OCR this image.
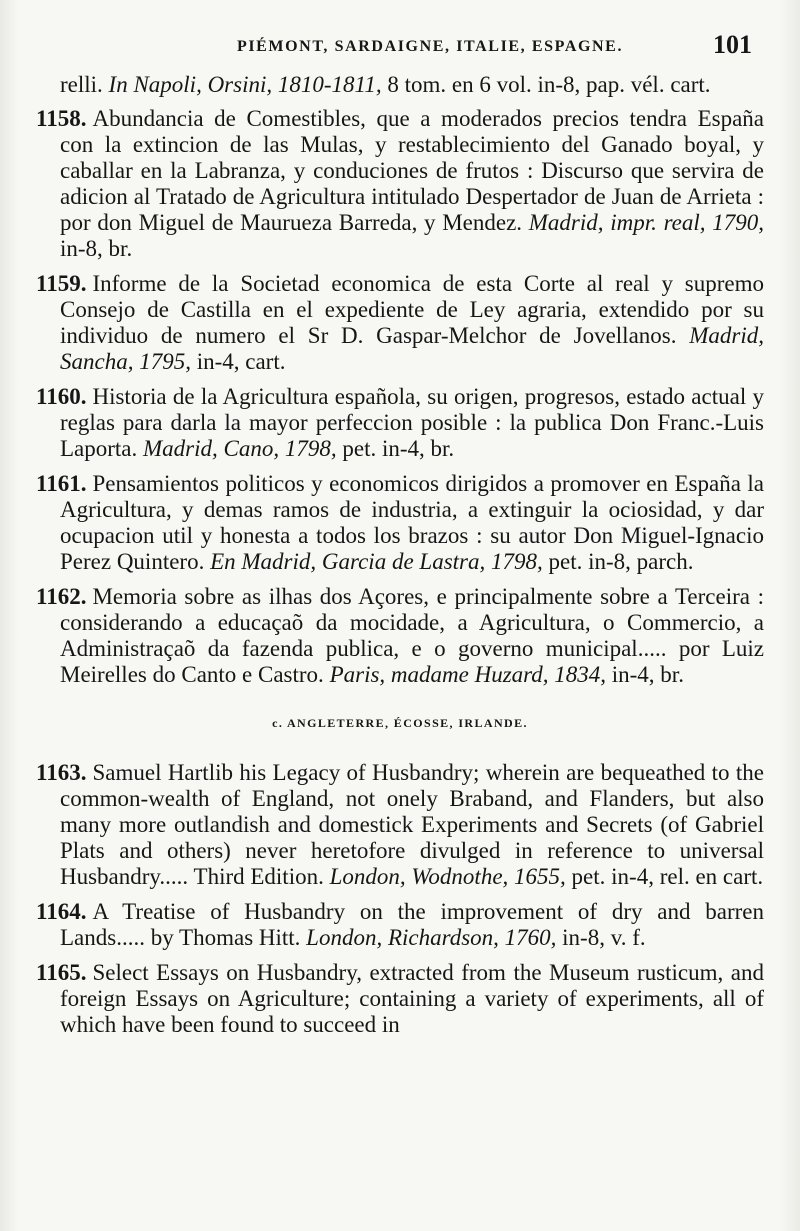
PIÉMONT, SARDAIGNE, ITALIE, ESPAGNE.	101
relli. In Napoli, Orsini, 1810-1811, 8 tom. en 6 vol. in-8, pap. vél. cart.

1158. Abundancia de Comestibles, que a moderados precios tendra España con la extincion de las Mulas, y restablecimiento del Ganado boyal, y caballar en la Labranza, y conduciones de frutos : Discurso que servira de adicion al Tratado de Agricultura intitulado Despertador de Juan de Arrieta : por don Miguel de Maurueza Barreda, y Mendez. Madrid, impr. real, 1790, in-8, br.

1159. Informe de la Societad economica de esta Corte al real y supremo Consejo de Castilla en el expediente de Ley agraria, extendido por su individuo de numero el Sr D. Gaspar-Melchor de Jovellanos. Madrid, Sancha, 1795, in-4, cart.

1160. Historia de la Agricultura española, su origen, progresos, estado actual y reglas para darla la mayor perfeccion posible : la publica Don Franc.-Luis Laporta. Madrid, Cano, 1798, pet. in-4, br.

1161. Pensamientos politicos y economicos dirigidos a promover en España la Agricultura, y demas ramos de industria, a extinguir la ociosidad, y dar ocupacion util y honesta a todos los brazos : su autor Don Miguel-Ignacio Perez Quintero. En Madrid, Garcia de Lastra, 1798, pet. in-8, parch.

1162. Memoria sobre as ilhas dos Açores, e principalmente sobre a Terceira : considerando a educaçaõ da mocidade, a Agricultura, o Commercio, a Administraçaõ da fazenda publica, e o governo municipal..... por Luiz Meirelles do Canto e Castro. Paris, madame Huzard, 1834, in-4, br.

c. ANGLETERRE, ÉCOSSE, IRLANDE.

1163. Samuel Hartlib his Legacy of Husbandry; wherein are bequeathed to the common-wealth of England, not onely Braband, and Flanders, but also many more outlandish and domestick Experiments and Secrets (of Gabriel Plats and others) never heretofore divulged in reference to universal Husbandry..... Third Edition. London, Wodnothe, 1655, pet. in-4, rel. en cart.

1164. A Treatise of Husbandry on the improvement of dry and barren Lands..... by Thomas Hitt. London, Richardson, 1760, in-8, v. f.

1165. Select Essays on Husbandry, extracted from the Museum rusticum, and foreign Essays on Agriculture; containing a variety of experiments, all of which have been found to succeed in
